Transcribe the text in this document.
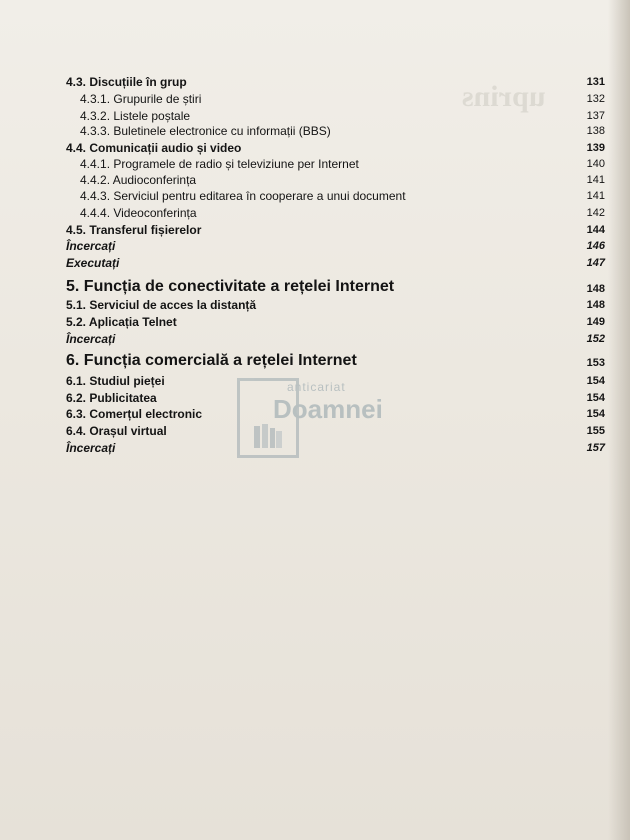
uprins
4.3. Discuțiile în grup	131
4.3.1. Grupurile de știri	132
4.3.2. Listele poștale	137
4.3.3. Buletinele electronice cu informații (BBS)	138
4.4. Comunicații audio și video	139
4.4.1. Programele de radio și televiziune per Internet	140
4.4.2. Audioconferința	141
4.4.3. Serviciul pentru editarea în cooperare a unui document	141
4.4.4. Videoconferința	142
4.5. Transferul fișierelor	144
Încercați	146
Executați	147
5. Funcția de conectivitate a rețelei Internet	148
5.1. Serviciul de acces la distanță	148
5.2. Aplicația Telnet	149
Încercați	152
6. Funcția comercială a rețelei Internet	153
6.1. Studiul pieței	154
6.2. Publicitatea	154
6.3. Comerțul electronic	154
6.4. Orașul virtual	155
Încercați	157
anticariat
Doamnei
